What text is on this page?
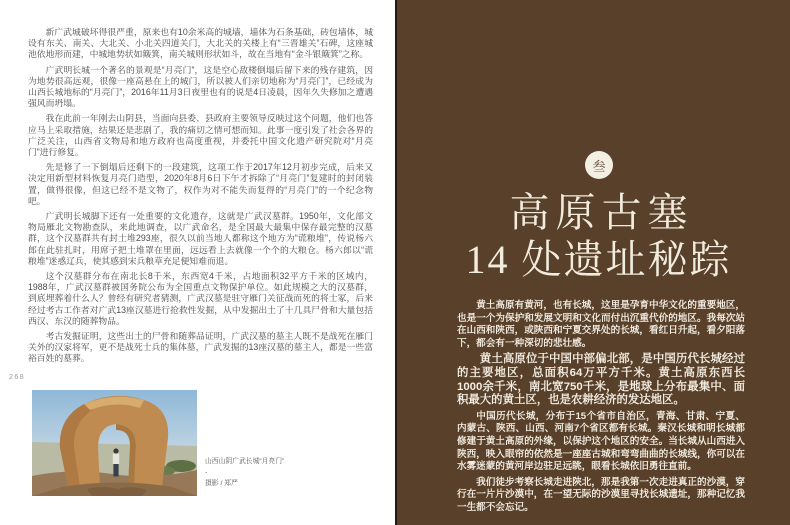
新广武城破坏得很严重，原来也有10余米高的城墙，墙体为石条基础，砖包墙体，城设有东关、南关、大北关、小北关四道关门，大北关的关楼上有“三晋雄关”石碑，这座城池依地形而建，中城地势状如簸箕，南关城则形状如斗，故在当地有“金斗银簸箕”之称。

广武明长城一个著名的景观是“月亮门”，这是空心敌楼倒塌后留下来的残存建筑，因为地势很高远观，很像一座高悬在上的城门，所以被人们亲切地称为“月亮门”，已经成为山西长城地标的“月亮门”，2016年11月3日夜里也有的说是4日凌晨，因年久失修加之遭遇强风而坍塌。

我在此前一年刚去山阴县，当面向县委、县政府主要领导反映过这个问题，他们也答应马上采取措施，结果还是悲剧了，我的痛切之情可想而知。此事一度引发了社会各界的广泛关注，山西省文物局和地方政府也高度重视，并委托中国文化遗产研究院对“月亮门”进行修复。

先是修了一下倒塌后还剩下的一段建筑，这项工作于2017年12月初步完成，后来又决定用新型材料恢复月亮门造型，2020年8月6日下午才拆除了“月亮门”复建时的封闭装置，做得很像，但这已经不是文物了，权作为对不能失而复得的“月亮门”的一个纪念物吧。

广武明长城脚下还有一处重要的文化遗存，这就是广武汉墓群。1950年，文化部文物局雁北文物勘查队，来此地调查，以广武命名，是全国最大最集中保存最完整的汉墓群，这个汉墓群共有封土堆293座，很久以前当地人都称这个地方为“谎粮堆”，传说杨六郎在此驻扎时，用席子把土堆罩在里面，远远看上去就像一个个的大粮仓。杨六郎以“谎粮堆”迷惑辽兵，使其感到宋兵粮草充足便知难而退。

这个汉墓群分布在南北长8千米，东西宽4千米，占地面积32平方千米的区域内，1988年，广武汉墓群被国务院公布为全国重点文物保护单位。如此规模之大的汉墓群，到底埋葬着什么人？曾经有研究者猜测，广武汉墓是驻守雁门关征战而死的将士冢，后来经过考古工作者对广武13座汉墓进行抢救性发掘，从中发掘出土了十几具尸骨和大量包括西汉、东汉的随葬物品。

考古发掘证明，这些出土的尸骨和随葬品证明，广武汉墓的墓主人既不是战死在雁门关外的汉家将军，更不是战死士兵的集体墓，广武发掘的13座汉墓的墓主人，都是一些富裕百姓的墓葬。

268
山西山阴广武长城“月亮门”
-
摄影 / 郑严
叁
高原古塞
14 处遗址秘踪

黄土高原有黄河，也有长城，这里是孕育中华文化的重要地区，也是一个为保护和发展文明和文化而付出沉重代价的地区。我每次站在山西和陕西，或陕西和宁夏交界处的长城，看红日升起，看夕阳落下，都会有一种深切的悲壮感。

黄土高原位于中国中部偏北部，是中国历代长城经过的主要地区，总面积64万平方千米。黄土高原东西长1000余千米，南北宽750千米，是地球上分布最集中、面积最大的黄土区，也是农耕经济的发达地区。

中国历代长城，分布于15个省市自治区，青海、甘肃、宁夏、内蒙古、陕西、山西、河南7个省区都有长城。秦汉长城和明长城都修建于黄土高原的外缘，以保护这个地区的安全。当长城从山西进入陕西，映入眼帘的依然是一座座古城和弯弯曲曲的长城线，你可以在水雾迷蒙的黄河岸边驻足远眺，眼看长城依旧勇往直前。

我们徒步考察长城走进陕北，那是我第一次走进真正的沙漠，穿行在一片片沙漠中，在一望无际的沙漠里寻找长城遗址，那种记忆我一生都不会忘记。
